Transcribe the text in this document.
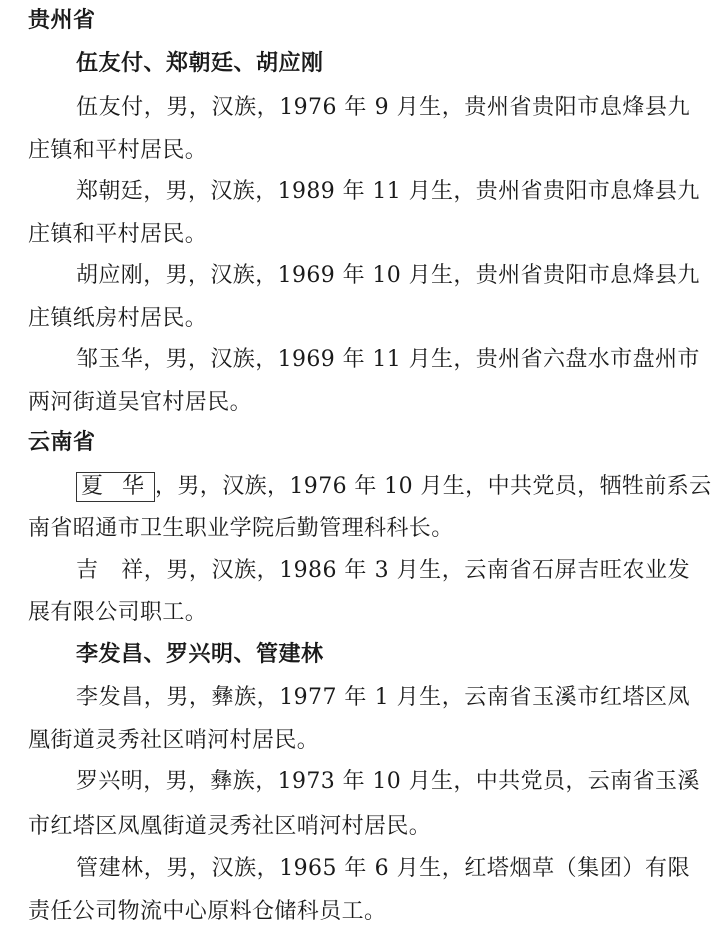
贵州省
伍友付、郑朝廷、胡应刚
伍友付，男，汉族，1976 年 9 月生，贵州省贵阳市息烽县九
庄镇和平村居民。
郑朝廷，男，汉族，1989 年 11 月生，贵州省贵阳市息烽县九
庄镇和平村居民。
胡应刚，男，汉族，1969 年 10 月生，贵州省贵阳市息烽县九
庄镇纸房村居民。
邹玉华，男，汉族，1969 年 11 月生，贵州省六盘水市盘州市
两河街道吴官村居民。
云南省
夏 华 ，男，汉族，1976 年 10 月生，中共党员，牺牲前系云
南省昭通市卫生职业学院后勤管理科科长。
吉　祥，男，汉族，1986 年 3 月生，云南省石屏吉旺农业发
展有限公司职工。
李发昌、罗兴明、管建林
李发昌，男，彝族，1977 年 1 月生，云南省玉溪市红塔区凤
凰街道灵秀社区哨河村居民。
罗兴明，男，彝族，1973 年 10 月生，中共党员，云南省玉溪
市红塔区凤凰街道灵秀社区哨河村居民。
管建林，男，汉族，1965 年 6 月生，红塔烟草（集团）有限
责任公司物流中心原料仓储科员工。
